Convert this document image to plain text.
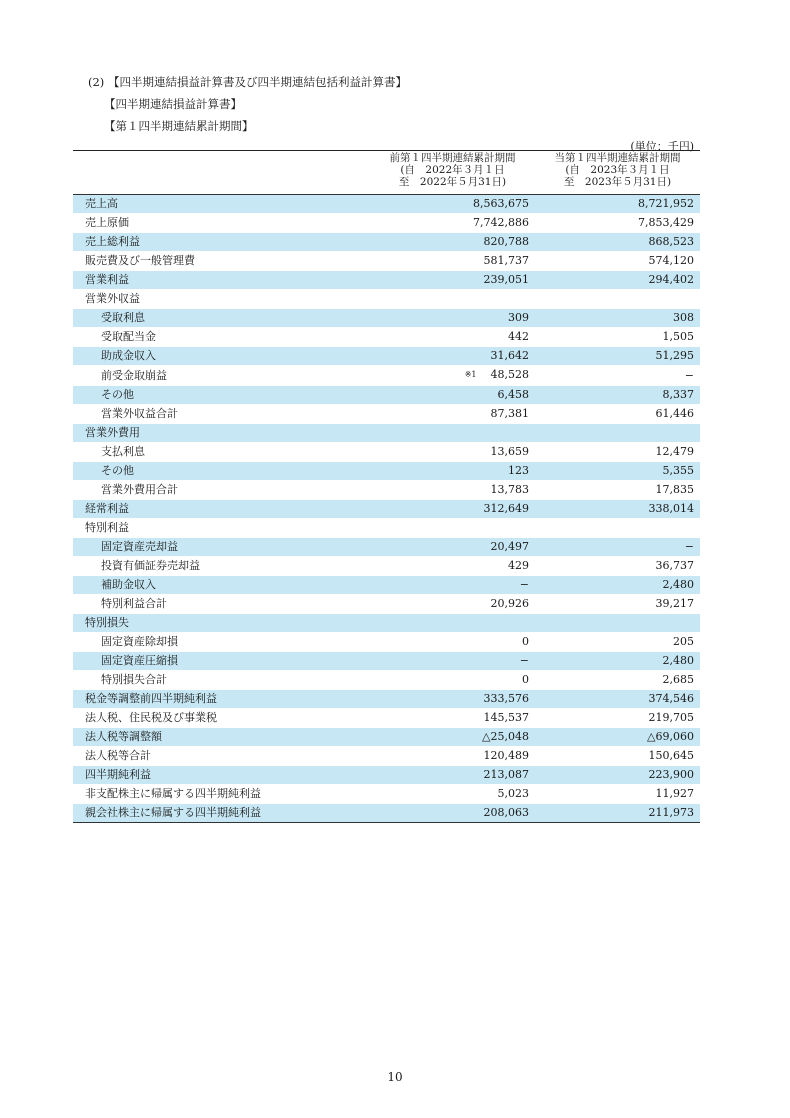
(2) 【四半期連結損益計算書及び四半期連結包括利益計算書】
【四半期連結損益計算書】
【第１四半期連結累計期間】
(単位：千円)

	前第１四半期連結累計期間
(自　2022年３月１日
至　2022年５月31日)	当第１四半期連結累計期間
(自　2023年３月１日
至　2023年５月31日)

売上高	8,563,675	8,721,952
売上原価	7,742,886	7,853,429
売上総利益	820,788	868,523
販売費及び一般管理費	581,737	574,120
営業利益	239,051	294,402
営業外収益		
受取利息	309	308
受取配当金	442	1,505
助成金収入	31,642	51,295
前受金取崩益	※1 48,528	−
その他	6,458	8,337
営業外収益合計	87,381	61,446
営業外費用		
支払利息	13,659	12,479
その他	123	5,355
営業外費用合計	13,783	17,835
経常利益	312,649	338,014
特別利益		
固定資産売却益	20,497	−
投資有価証券売却益	429	36,737
補助金収入	−	2,480
特別利益合計	20,926	39,217
特別損失		
固定資産除却損	0	205
固定資産圧縮損	−	2,480
特別損失合計	0	2,685
税金等調整前四半期純利益	333,576	374,546
法人税、住民税及び事業税	145,537	219,705
法人税等調整額	△25,048	△69,060
法人税等合計	120,489	150,645
四半期純利益	213,087	223,900
非支配株主に帰属する四半期純利益	5,023	11,927
親会社株主に帰属する四半期純利益	208,063	211,973
10
